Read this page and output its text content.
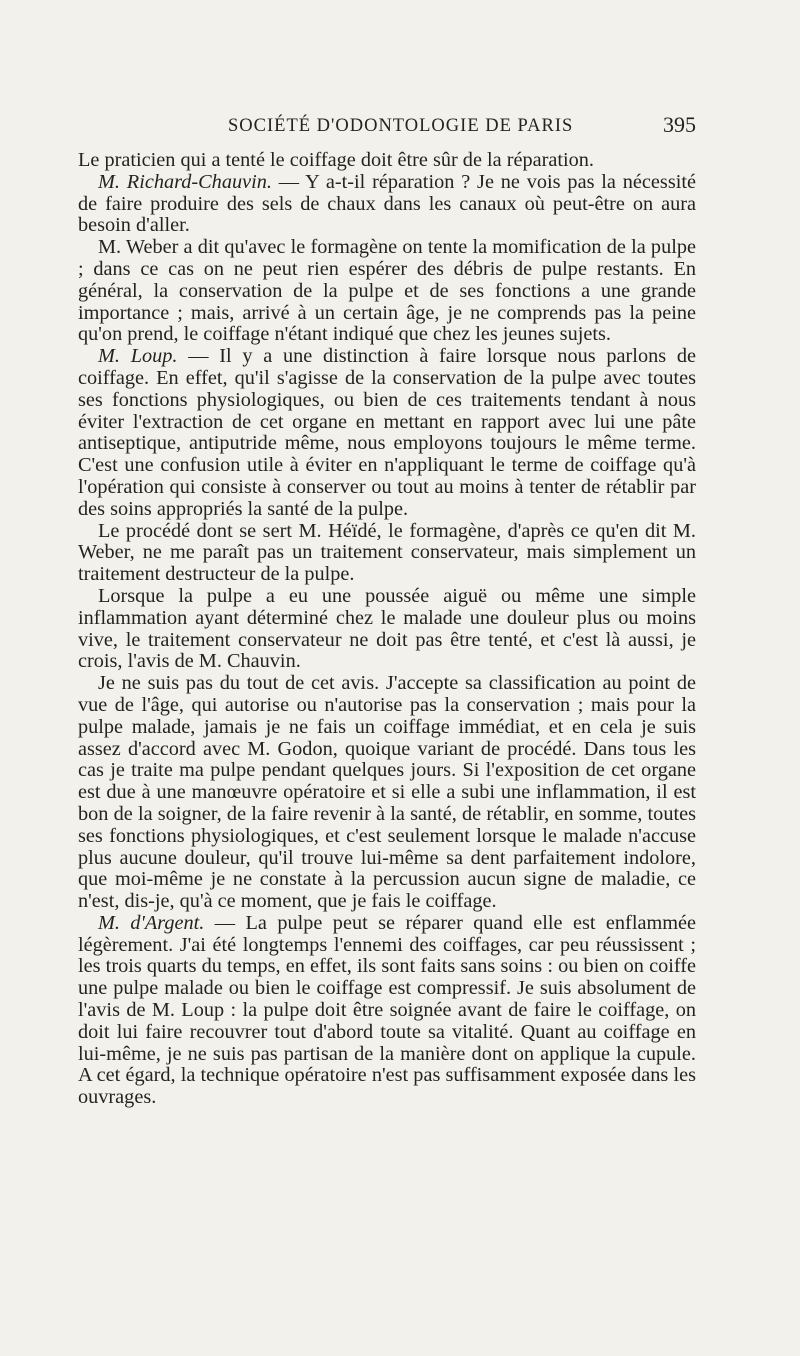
SOCIÉTÉ D'ODONTOLOGIE DE PARIS	395

Le praticien qui a tenté le coiffage doit être sûr de la réparation.

M. Richard-Chauvin. — Y a-t-il réparation ? Je ne vois pas la nécessité de faire produire des sels de chaux dans les canaux où peut-être on aura besoin d'aller.

M. Weber a dit qu'avec le formagène on tente la momification de la pulpe ; dans ce cas on ne peut rien espérer des débris de pulpe restants. En général, la conservation de la pulpe et de ses fonctions a une grande importance ; mais, arrivé à un certain âge, je ne comprends pas la peine qu'on prend, le coiffage n'étant indiqué que chez les jeunes sujets.

M. Loup. — Il y a une distinction à faire lorsque nous parlons de coiffage. En effet, qu'il s'agisse de la conservation de la pulpe avec toutes ses fonctions physiologiques, ou bien de ces traitements tendant à nous éviter l'extraction de cet organe en mettant en rapport avec lui une pâte antiseptique, antiputride même, nous employons toujours le même terme. C'est une confusion utile à éviter en n'appliquant le terme de coiffage qu'à l'opération qui consiste à conserver ou tout au moins à tenter de rétablir par des soins appropriés la santé de la pulpe.

Le procédé dont se sert M. Héïdé, le formagène, d'après ce qu'en dit M. Weber, ne me paraît pas un traitement conservateur, mais simplement un traitement destructeur de la pulpe.

Lorsque la pulpe a eu une poussée aiguë ou même une simple inflammation ayant déterminé chez le malade une douleur plus ou moins vive, le traitement conservateur ne doit pas être tenté, et c'est là aussi, je crois, l'avis de M. Chauvin.

Je ne suis pas du tout de cet avis. J'accepte sa classification au point de vue de l'âge, qui autorise ou n'autorise pas la conservation ; mais pour la pulpe malade, jamais je ne fais un coiffage immédiat, et en cela je suis assez d'accord avec M. Godon, quoique variant de procédé. Dans tous les cas je traite ma pulpe pendant quelques jours. Si l'exposition de cet organe est due à une manœuvre opératoire et si elle a subi une inflammation, il est bon de la soigner, de la faire revenir à la santé, de rétablir, en somme, toutes ses fonctions physiologiques, et c'est seulement lorsque le malade n'accuse plus aucune douleur, qu'il trouve lui-même sa dent parfaitement indolore, que moi-même je ne constate à la percussion aucun signe de maladie, ce n'est, dis-je, qu'à ce moment, que je fais le coiffage.

M. d'Argent. — La pulpe peut se réparer quand elle est enflammée légèrement. J'ai été longtemps l'ennemi des coiffages, car peu réussissent ; les trois quarts du temps, en effet, ils sont faits sans soins : ou bien on coiffe une pulpe malade ou bien le coiffage est compressif. Je suis absolument de l'avis de M. Loup : la pulpe doit être soignée avant de faire le coiffage, on doit lui faire recouvrer tout d'abord toute sa vitalité. Quant au coiffage en lui-même, je ne suis pas partisan de la manière dont on applique la cupule. A cet égard, la technique opératoire n'est pas suffisamment exposée dans les ouvrages.
